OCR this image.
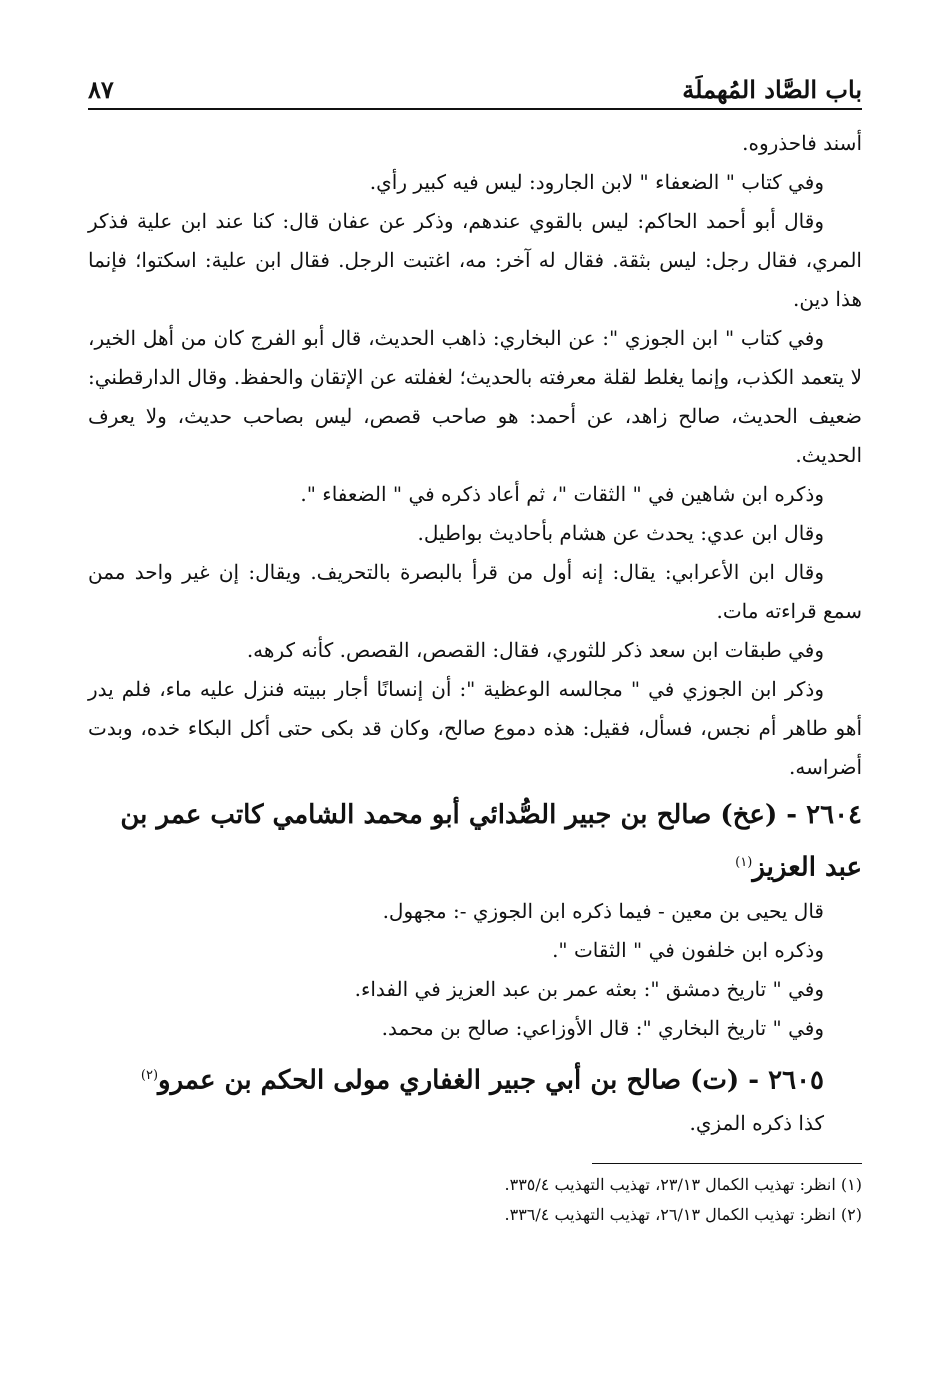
باب الصَّاد المُهملَة
٨٧

أسند فاحذروه.

وفي كتاب " الضعفاء " لابن الجارود: ليس فيه كبير رأي.

وقال أبو أحمد الحاكم: ليس بالقوي عندهم، وذكر عن عفان قال: كنا عند ابن علية فذكر المري، فقال رجل: ليس بثقة. فقال له آخر: مه، اغتبت الرجل. فقال ابن علية: اسكتوا؛ فإنما هذا دين.

وفي كتاب " ابن الجوزي ": عن البخاري: ذاهب الحديث، قال أبو الفرج كان من أهل الخير، لا يتعمد الكذب، وإنما يغلط لقلة معرفته بالحديث؛ لغفلته عن الإتقان والحفظ. وقال الدارقطني: ضعيف الحديث، صالح زاهد، عن أحمد: هو صاحب قصص، ليس بصاحب حديث، ولا يعرف الحديث.

وذكره ابن شاهين في " الثقات "، ثم أعاد ذكره في " الضعفاء ".

وقال ابن عدي: يحدث عن هشام بأحاديث بواطيل.

وقال ابن الأعرابي: يقال: إنه أول من قرأ بالبصرة بالتحريف. ويقال: إن غير واحد ممن سمع قراءته مات.

وفي طبقات ابن سعد ذكر للثوري، فقال: القصص، القصص. كأنه كرهه.

وذكر ابن الجوزي في " مجالسه الوعظية ": أن إنسانًا أجار ببيته فنزل عليه ماء، فلم يدر أهو طاهر أم نجس، فسأل، فقيل: هذه دموع صالح، وكان قد بكى حتى أكل البكاء خده، وبدت أضراسه.

٢٦٠٤ - (عخ) صالح بن جبير الصُّدائي أبو محمد الشامي كاتب عمر بن عبد العزيز$^{(١)}$

قال يحيى بن معين - فيما ذكره ابن الجوزي -: مجهول.

وذكره ابن خلفون في " الثقات ".

وفي " تاريخ دمشق ": بعثه عمر بن عبد العزيز في الفداء.

وفي " تاريخ البخاري ": قال الأوزاعي: صالح بن محمد.

٢٦٠٥ - (ت) صالح بن أبي جبير الغفاري مولى الحكم بن عمرو$^{(٢)}$

كذا ذكره المزي.

(١) انظر: تهذيب الكمال ٢٣/١٣، تهذيب التهذيب ٣٣٥/٤.

(٢) انظر: تهذيب الكمال ٢٦/١٣، تهذيب التهذيب ٣٣٦/٤.
